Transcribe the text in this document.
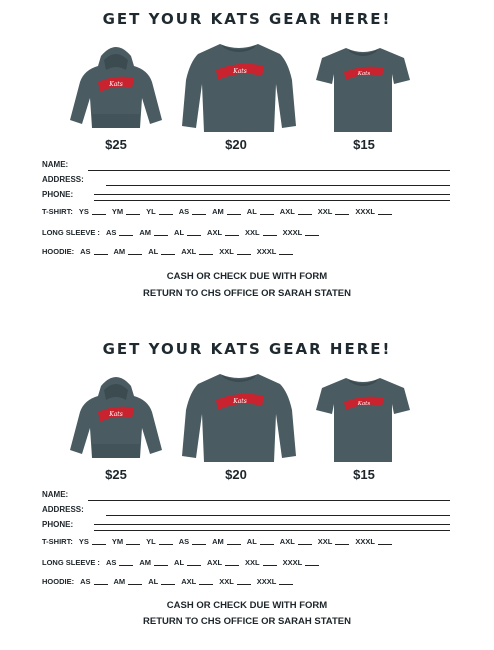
GET YOUR KATS GEAR HERE!
Kats
$25
Kats
$20
Kats
$15
NAME:
ADDRESS:
PHONE:
T-SHIRT: YS	YM	YL	AS	AM	AL	AXL	XXL	XXXL
LONG SLEEVE : AS	AM	AL	AXL	XXL	XXXL
HOODIE: AS	AM	AL	AXL	XXL	XXXL
CASH OR CHECK DUE WITH FORM
RETURN TO CHS OFFICE OR SARAH STATEN
GET YOUR KATS GEAR HERE!
Kats
$25
Kats
$20
Kats
$15
NAME:
ADDRESS:
PHONE:
T-SHIRT: YS	YM	YL	AS	AM	AL	AXL	XXL	XXXL
LONG SLEEVE : AS	AM	AL	AXL	XXL	XXXL
HOODIE: AS	AM	AL	AXL	XXL	XXXL
CASH OR CHECK DUE WITH FORM
RETURN TO CHS OFFICE OR SARAH STATEN
